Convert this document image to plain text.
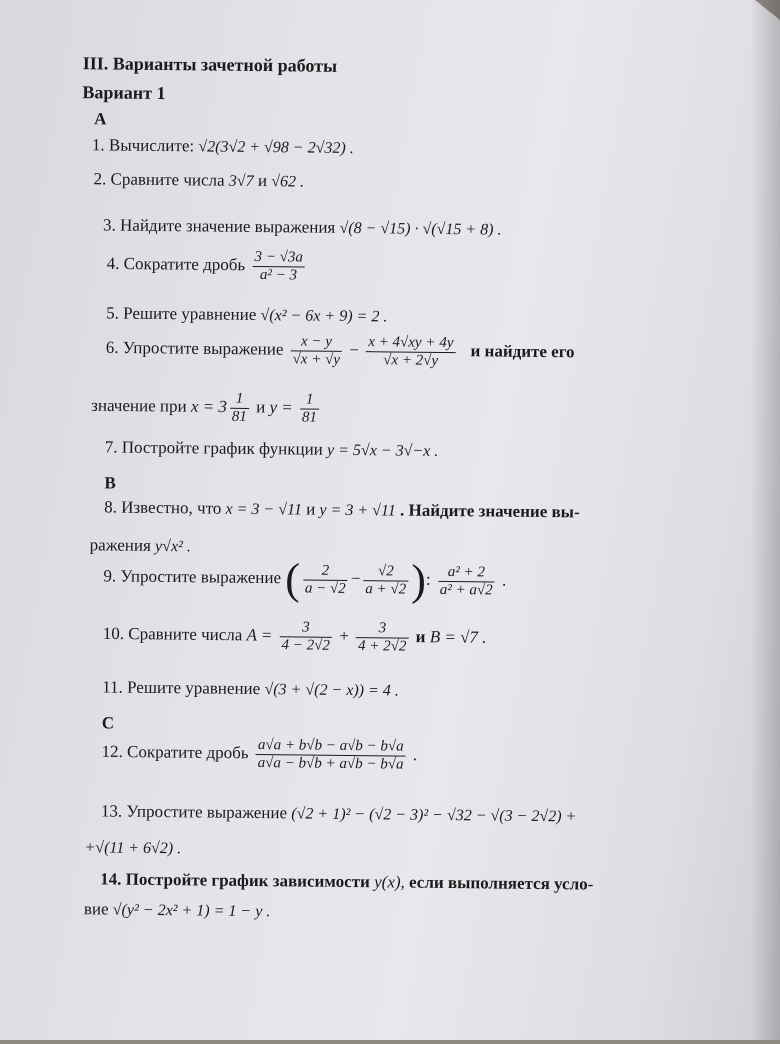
III. Варианты зачетной работы
Вариант 1
А
1. Вычислите: √2(3√2 + √98 − 2√32) .
2. Сравните числа 3√7 и √62 .
3. Найдите значение выражения √(8 − √15) · √(√15 + 8) .
4. Сократите дробь $\frac{3 - √3a}{\text{a² − 3}}$
5. Решите уравнение √(x² − 6x + 9) = 2 .
6. Упростите выражение $\frac{x - y}{√x + √y} - \frac{x + 4√xy + 4y}{√x + 2√y}$ и найдите его
значение при $x = 3 \frac{1}{81}$ и $y = \frac{1}{81}$
7. Постройте график функции y = 5√x − 3√−x .
В
8. Известно, что x = 3 − √11 и y = 3 + √11 . Найдите значение вы-
ражения y√x² .
9. Упростите выражение ( $\frac{2}{a - √2} - \frac{√2}{a + √2}$ ): $\frac{\text{a² + 2}}{\text{a² + a√2}}$ .
10. Сравните числа $A = \frac{3}{4 - 2√2} + \frac{3}{4 + 2√2}$ и B = √7 .
11. Решите уравнение √(3 + √(2 − x)) = 4 .
С
12. Сократите дробь $\frac{a√a + b√b - a√b - b√a}{a√a - b√b + a√b - b√a}$ .
13. Упростите выражение (√2 + 1)² − (√2 − 3)² − √32 − √(3 − 2√2) +
+√(11 + 6√2) .
14. Постройте график зависимости y(x), если выполняется усло-
вие √(y² − 2x² + 1) = 1 − y .
